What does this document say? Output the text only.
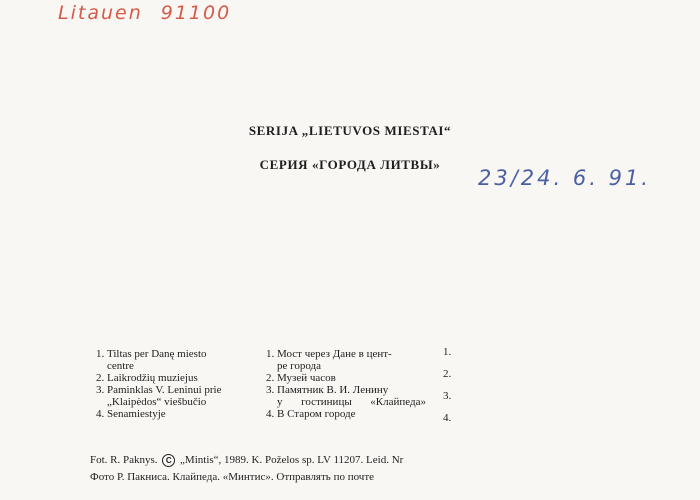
Litauen 91100
23/24. 6. 91.
SERIJA „LIETUVOS MIESTAI“
СЕРИЯ «ГОРОДА ЛИТВЫ»
1. Tiltas per Danę miesto
centre
2. Laikrodžių muziejus
3. Paminklas V. Leninui prie
„Klaipėdos“ viešbučio
4. Senamiestyje
1. Мост через Дане в цент-
ре города
2. Музей часов
3. Памятник В. И. Ленину
у гостиницы «Клайпеда»
4. В Старом городе
1.
2.
3.
4.
Fot. R. Paknys. C „Mintis“, 1989. K. Poželos sp. LV 11207. Leid. Nr
Фото Р. Пакниса. Клайпеда. «Минтис». Отправлять по почте
